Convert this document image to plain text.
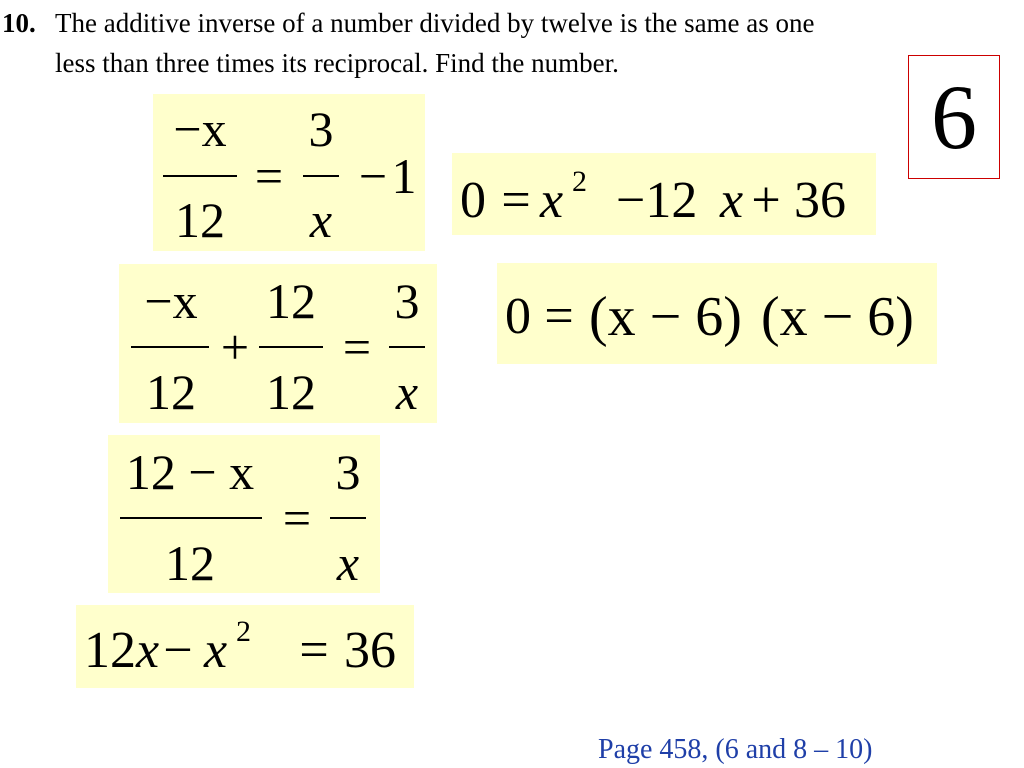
10. The additive inverse of a number divided by twelve is the same as one
less than three times its reciprocal. Find the number.
6
−x
12
=
3
x
− 1
−x
12
+
12
12
=
3
x
12 − x
12
=
3
x
12 x − x 2 = 36
0 = x 2 −12 x + 36
0 = (x − 6) (x − 6)
Page 458, (6 and 8 – 10)
